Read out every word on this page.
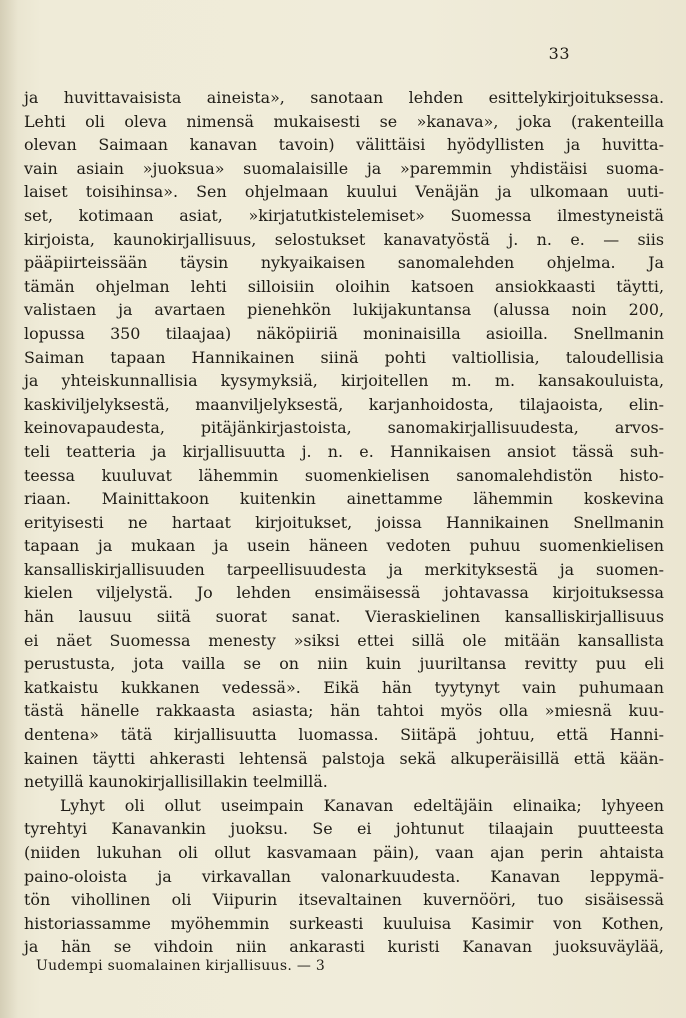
33
ja huvittavaisista aineista», sanotaan lehden esittelykirjoituksessa.
Lehti oli oleva nimensä mukaisesti se »kanava», joka (rakenteilla
olevan Saimaan kanavan tavoin) välittäisi hyödyllisten ja huvitta-
vain asiain »juoksua» suomalaisille ja »paremmin yhdistäisi suoma-
laiset toisihinsa». Sen ohjelmaan kuului Venäjän ja ulkomaan uuti-
set, kotimaan asiat, »kirjatutkistelemiset» Suomessa ilmestyneistä
kirjoista, kaunokirjallisuus, selostukset kanavatyöstä j. n. e. — siis
pääpiirteissään täysin nykyaikaisen sanomalehden ohjelma. Ja
tämän ohjelman lehti silloisiin oloihin katsoen ansiokkaasti täytti,
valistaen ja avartaen pienehkön lukijakuntansa (alussa noin 200,
lopussa 350 tilaajaa) näköpiiriä moninaisilla asioilla. Snellmanin
Saiman tapaan Hannikainen siinä pohti valtiollisia, taloudellisia
ja yhteiskunnallisia kysymyksiä, kirjoitellen m. m. kansakouluista,
kaskiviljelyksestä, maanviljelyksestä, karjanhoidosta, tilajaoista, elin-
keinovapaudesta, pitäjänkirjastoista, sanomakirjallisuudesta, arvos-
teli teatteria ja kirjallisuutta j. n. e. Hannikaisen ansiot tässä suh-
teessa kuuluvat lähemmin suomenkielisen sanomalehdistön histo-
riaan. Mainittakoon kuitenkin ainettamme lähemmin koskevina
erityisesti ne hartaat kirjoitukset, joissa Hannikainen Snellmanin
tapaan ja mukaan ja usein häneen vedoten puhuu suomenkielisen
kansalliskirjallisuuden tarpeellisuudesta ja merkityksestä ja suomen-
kielen viljelystä. Jo lehden ensimäisessä johtavassa kirjoituksessa
hän lausuu siitä suorat sanat. Vieraskielinen kansalliskirjallisuus
ei näet Suomessa menesty »siksi ettei sillä ole mitään kansallista
perustusta, jota vailla se on niin kuin juuriltansa revitty puu eli
katkaistu kukkanen vedessä». Eikä hän tyytynyt vain puhumaan
tästä hänelle rakkaasta asiasta; hän tahtoi myös olla »miesnä kuu-
dentena» tätä kirjallisuutta luomassa. Siitäpä johtuu, että Hanni-
kainen täytti ahkerasti lehtensä palstoja sekä alkuperäisillä että kään-
netyillä kaunokirjallisillakin teelmillä.
Lyhyt oli ollut useimpain Kanavan edeltäjäin elinaika; lyhyeen
tyrehtyi Kanavankin juoksu. Se ei johtunut tilaajain puutteesta
(niiden lukuhan oli ollut kasvamaan päin), vaan ajan perin ahtaista
paino-oloista ja virkavallan valonarkuudesta. Kanavan leppymä-
tön vihollinen oli Viipurin itsevaltainen kuvernööri, tuo sisäisessä
historiassamme myöhemmin surkeasti kuuluisa Kasimir von Kothen,
ja hän se vihdoin niin ankarasti kuristi Kanavan juoksuväylää,
Uudempi suomalainen kirjallisuus. — 3
